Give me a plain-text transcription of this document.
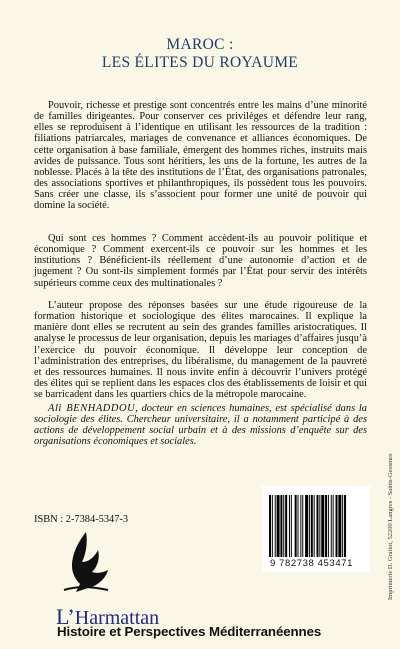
MAROC :
LES ÉLITES DU ROYAUME

Pouvoir, richesse et prestige sont concentrés entre les mains d’une minorité de familles dirigeantes. Pour conserver ces privilèges et défendre leur rang, elles se reproduisent à l’identique en utilisant les ressources de la tradition : filiations patriarcales, mariages de convenance et alliances économiques. De cette organisation à base familiale, émergent des hommes riches, instruits mais avides de puissance. Tous sont héritiers, les uns de la fortune, les autres de la noblesse. Placés à la tête des institutions de l’État, des organisations patronales, des associations sportives et philanthropiques, ils possèdent tous les pouvoirs. Sans créer une classe, ils s’associent pour former une unité de pouvoir qui domine la société.

Qui sont ces hommes ? Comment accèdent-ils au pouvoir politique et économique ? Comment exercent-ils ce pouvoir sur les hommes et les institutions ? Bénéficient-ils réellement d’une autonomie d’action et de jugement ? Ou sont-ils simplement formés par l’État pour servir des intérêts supérieurs comme ceux des multinationales ?

L’auteur propose des réponses basées sur une étude rigoureuse de la formation historique et sociologique des élites marocaines. Il explique la manière dont elles se recrutent au sein des grandes familles aristocratiques. Il analyse le processus de leur organisation, depuis les mariages d’affaires jusqu’à l’exercice du pouvoir économique. Il développe leur conception de l’administration des entreprises, du libéralisme, du management de la pauvreté et des ressources humaines. Il nous invite enfin à découvrir l’univers protégé des élites qui se replient dans les espaces clos des établissements de loisir et qui se barricadent dans les quartiers chics de la métropole marocaine.

Ali BENHADDOU, docteur en sciences humaines, est spécialisé dans la sociologie des élites. Chercheur universitaire, il a notamment participé à des actions de développement social urbain et à des missions d’enquête sur des organisations économiques et sociales.
ISBN : 2-7384-5347-3
9 782738 453471	Imprimerie D. Gratiot, 52200 Langres - Saints-Geosmes
L’Harmattan
Histoire et Perspectives Méditerranéennes
